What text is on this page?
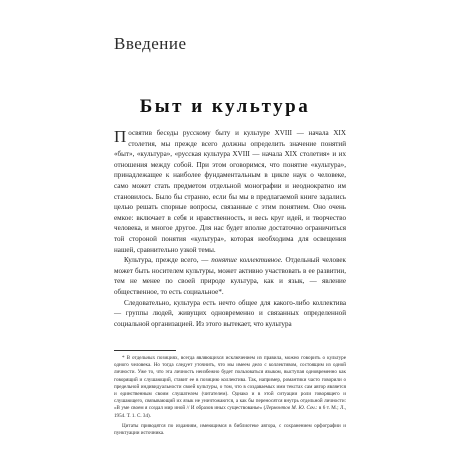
Введение
Быт и культура

Посвятив беседы русскому быту и культуре XVIII — начала XIX столетия, мы прежде всего должны определить значение понятий «быт», «культура», «русская культура XVIII — начала XIX столетия» и их отношения между собой. При этом оговоримся, что понятие «культура», принадлежащее к наиболее фундаментальным в цикле наук о человеке, само может стать предметом отдельной монографии и неоднократно им становилось. Было бы странно, если бы мы в предлагаемой книге задались целью решать спорные вопросы, связанные с этим понятием. Оно очень емкое: включает в себя и нравственность, и весь круг идей, и творчество человека, и многое другое. Для нас будет вполне достаточно ограничиться той стороной понятия «культура», которая необходима для освещения нашей, сравнительно узкой темы.

Культура, прежде всего, — понятие коллективное. Отдельный человек может быть носителем культуры, может активно участвовать в ее развитии, тем не менее по своей природе культура, как и язык, — явление общественное, то есть социальное*.

Следовательно, культура есть нечто общее для какого-либо коллектива — группы людей, живущих одновременно и связанных определенной социальной организацией. Из этого вытекает, что культура

* В отдельных позициях, всегда являющихся исключением из правила, можно говорить о культуре одного человека. Но тогда следует уточнить, что мы имеем дело с коллективом, состоящим из одной личности. Уже то, что эта личность неизбежно будет пользоваться языком, выступая одновременно как говорящий и слушающий, ставит ее в позицию коллектива. Так, например, романтики часто говорили о предельной индивидуальности своей культуры, о том, что в создаваемых ими текстах сам автор является и единственным своим слушателем (читателем). Однако и в этой ситуации роли говорящего и слушающего, связывающий их язык не уничтожаются, а как бы переносятся внутрь отдельной личности: «В уме своем я создал мир иной // И образов иных существованье» (Лермонтов М. Ю. Соч.: в 6 т. М.; Л., 1954. Т. 1. С. 34).

Цитаты приводятся по изданиям, имеющимся в библиотеке автора, с сохранением орфографии и пунктуации источника.
